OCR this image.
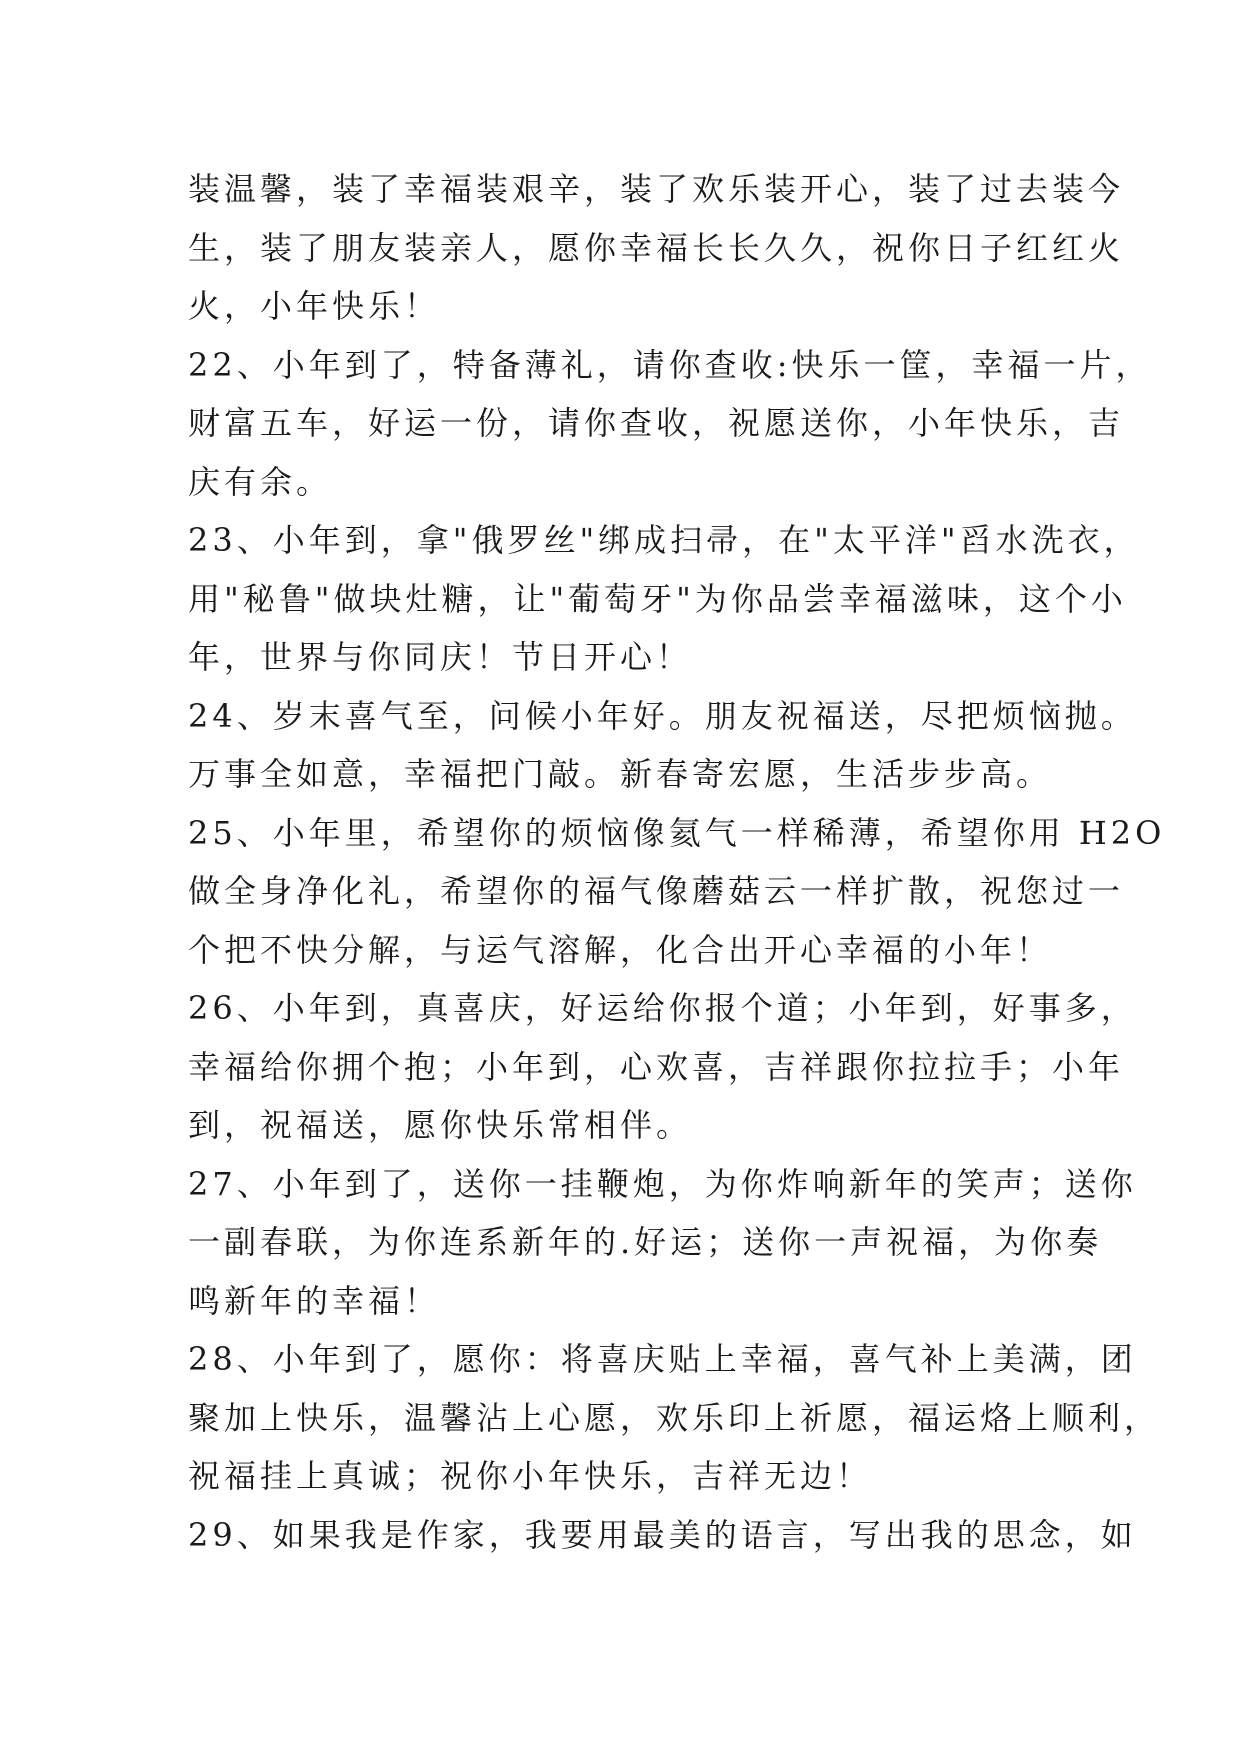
装温馨，装了幸福装艰辛，装了欢乐装开心，装了过去装今
生，装了朋友装亲人，愿你幸福长长久久，祝你日子红红火
火，小年快乐！

22、小年到了，特备薄礼，请你查收:快乐一筐，幸福一片，
财富五车，好运一份，请你查收，祝愿送你，小年快乐，吉
庆有余。

23、小年到，拿"俄罗丝"绑成扫帚，在"太平洋"舀水洗衣，
用"秘鲁"做块灶糖，让"葡萄牙"为你品尝幸福滋味，这个小
年，世界与你同庆！节日开心！

24、岁末喜气至，问候小年好。朋友祝福送，尽把烦恼抛。
万事全如意，幸福把门敲。新春寄宏愿，生活步步高。

25、小年里，希望你的烦恼像氦气一样稀薄，希望你用 H2O
做全身净化礼，希望你的福气像蘑菇云一样扩散，祝您过一
个把不快分解，与运气溶解，化合出开心幸福的小年！

26、小年到，真喜庆，好运给你报个道；小年到，好事多，
幸福给你拥个抱；小年到，心欢喜，吉祥跟你拉拉手；小年
到，祝福送，愿你快乐常相伴。

27、小年到了，送你一挂鞭炮，为你炸响新年的笑声；送你
一副春联，为你连系新年的.好运；送你一声祝福，为你奏
鸣新年的幸福！

28、小年到了，愿你：将喜庆贴上幸福，喜气补上美满，团
聚加上快乐，温馨沾上心愿，欢乐印上祈愿，福运烙上顺利，
祝福挂上真诚；祝你小年快乐，吉祥无边！

29、如果我是作家，我要用最美的语言，写出我的思念，如
